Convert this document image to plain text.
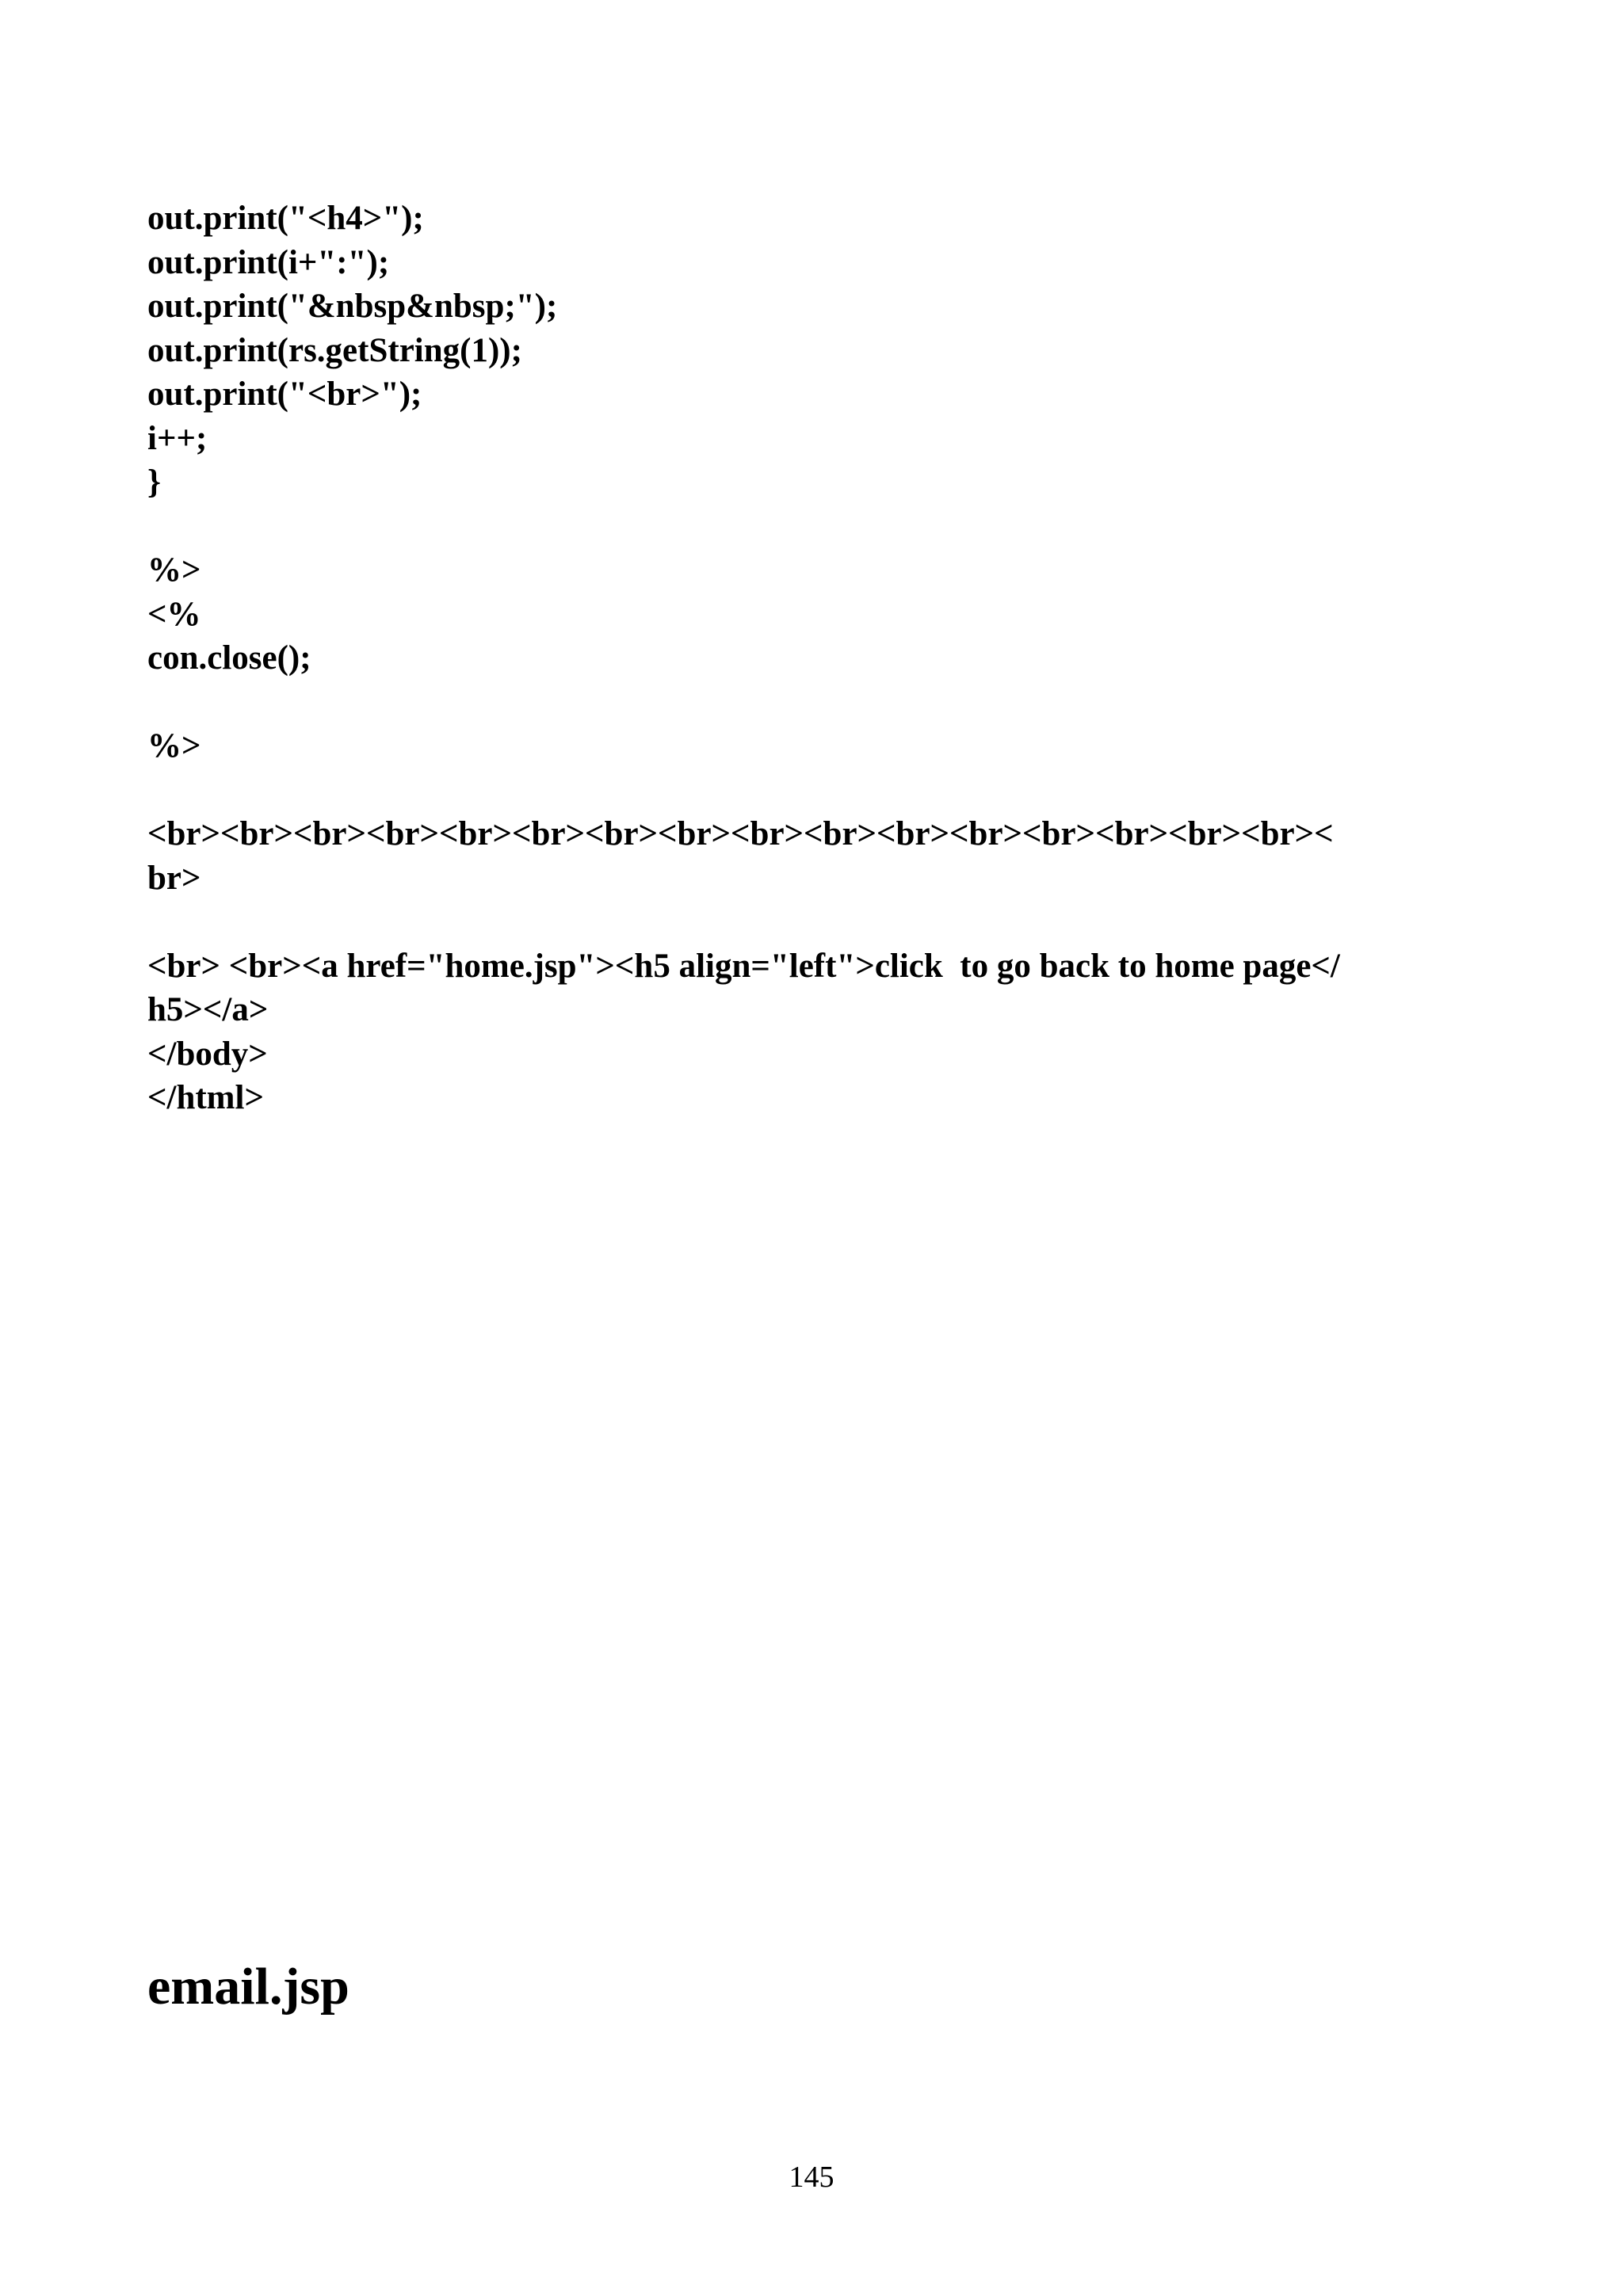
out.print("<h4>");
out.print(i+":");
out.print("&nbsp&nbsp;");
out.print(rs.getString(1));
out.print("<br>");
i++;
}
%>
<%
con.close();
%>
<br><br><br><br><br><br><br><br><br><br><br><br><br><br><br><br><
br>
<br> <br><a href="home.jsp"><h5 align="left">click  to go back to home page</
h5></a>
</body>
</html>
email.jsp
145
